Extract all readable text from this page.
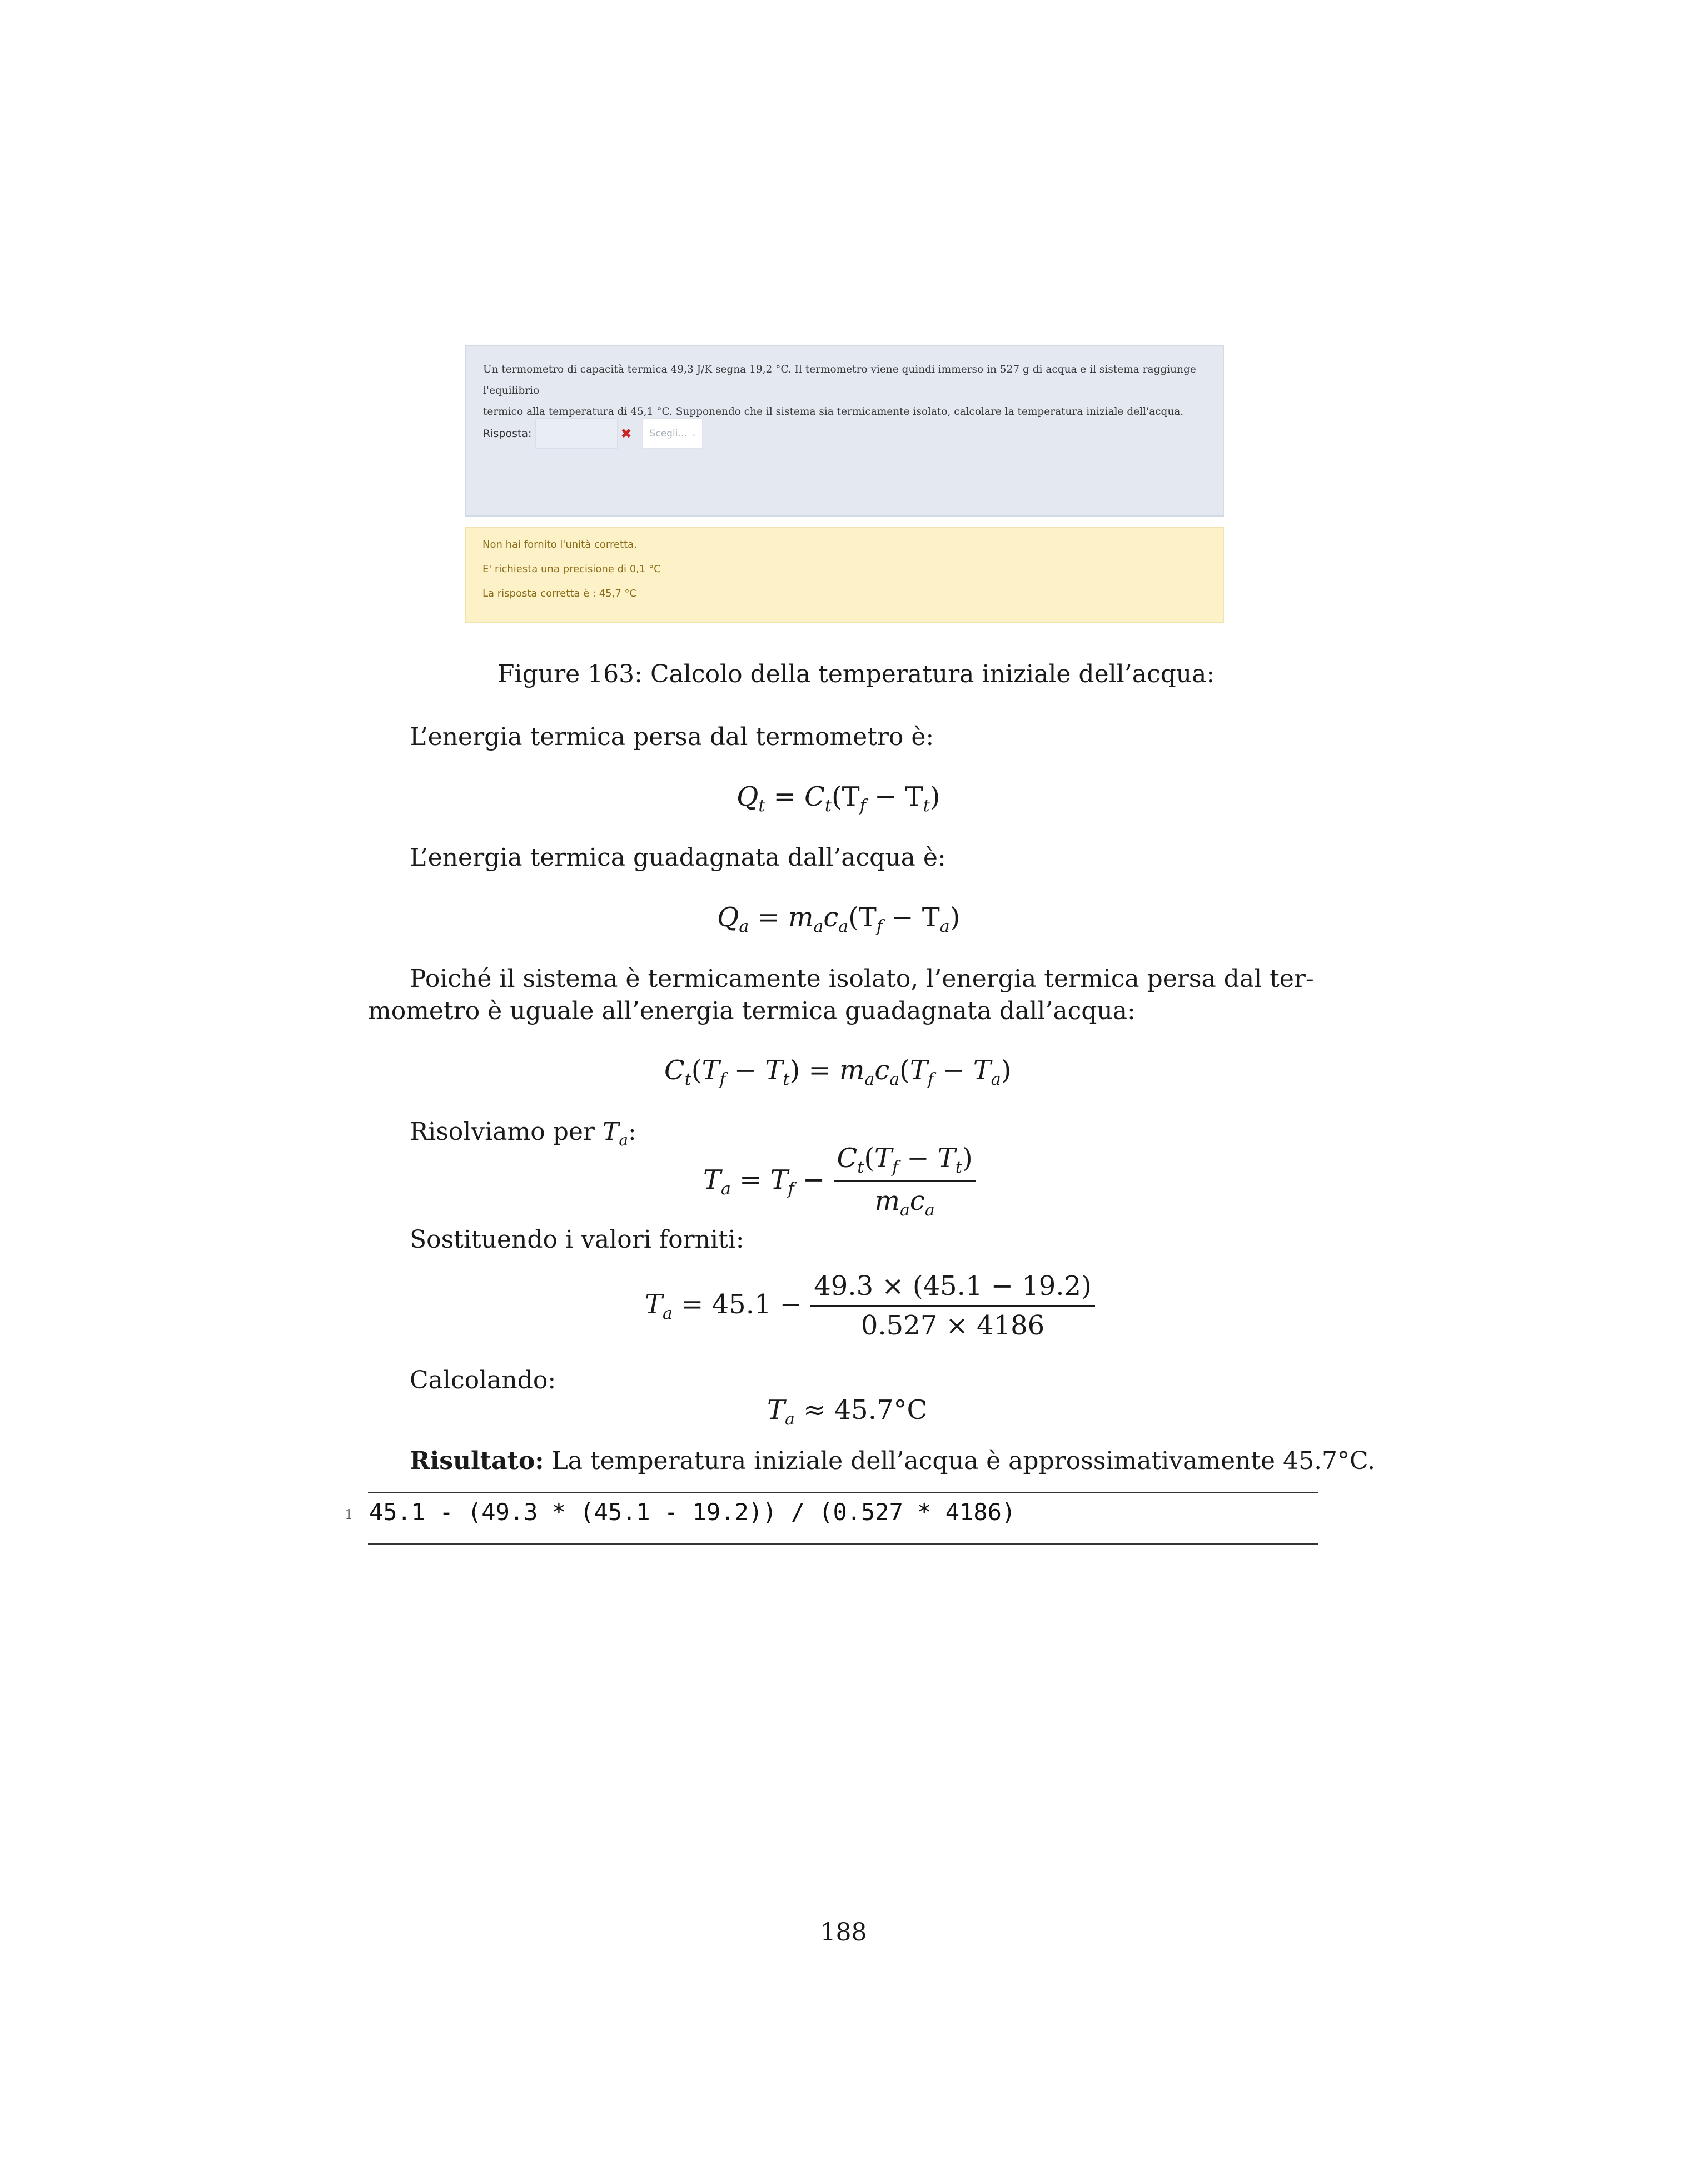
Un termometro di capacità termica 49,3 J/K segna 19,2 °C. Il termometro viene quindi immerso in 527 g di acqua e il sistema raggiunge l'equilibrio
termico alla temperatura di 45,1 °C. Supponendo che il sistema sia termicamente isolato, calcolare la temperatura iniziale dell'acqua.
Risposta:	✖ Scegli... ⌄
Non hai fornito l'unità corretta.
E' richiesta una precisione di 0,1 °C
La risposta corretta è : 45,7 °C
Figure 163: Calcolo della temperatura iniziale dell’acqua:
L’energia termica persa dal termometro è:
$Q_t = C_t(T_f - T_t)$
L’energia termica guadagnata dall’acqua è:
$Q_a = m_ac_a(T_f - T_a)$
Poiché il sistema è termicamente isolato, l’energia termica persa dal ter-
mometro è uguale all’energia termica guadagnata dall’acqua:
$C_t(T_f - T_t) = m_ac_a(T_f - T_a)$
Risolviamo per $T_a$:
$T_a = T_f - \frac{C_t(T_f - T_t)}{m_ac_a}$
Sostituendo i valori forniti:
$T_a = 45.1 - \frac{49.3 \times (45.1 - 19.2)}{0.527 \times 4186}$
Calcolando:
$T_a \approx 45.7^\circ C$
Risultato: La temperatura iniziale dell’acqua è approssimativamente 45.7°C.
1 45.1 - (49.3 * (45.1 - 19.2)) / (0.527 * 4186)
188
